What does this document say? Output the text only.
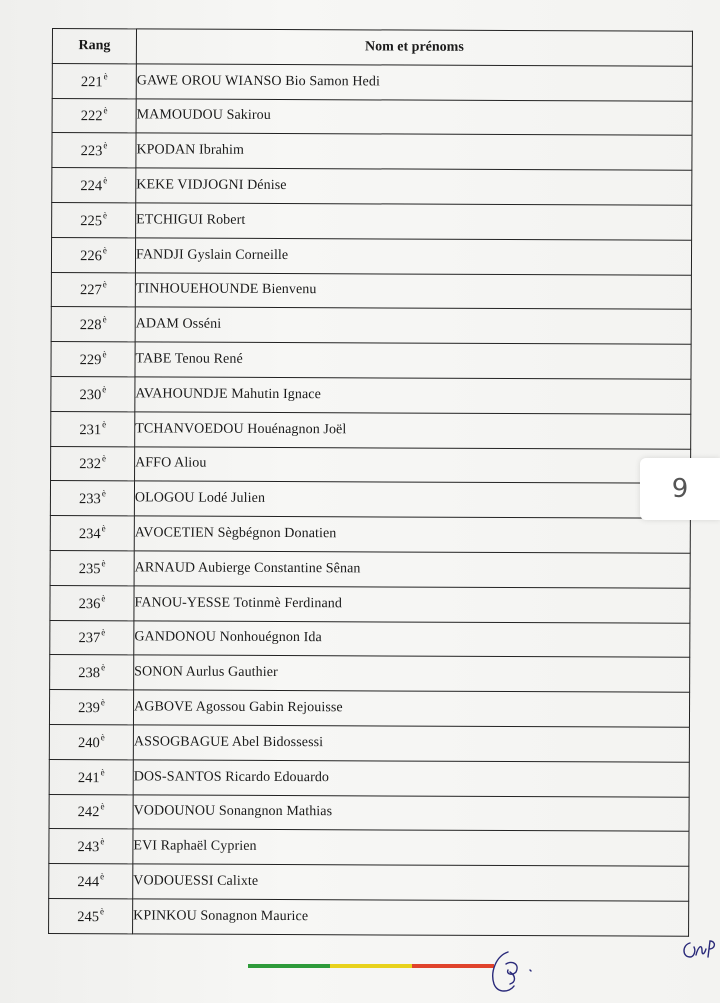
Rang	Nom et prénoms
$221^è$	GAWE OROU WIANSO Bio Samon Hedi
$222^è$	MAMOUDOU Sakirou
$223^è$	KPODAN Ibrahim
$224^è$	KEKE VIDJOGNI Dénise
$225^è$	ETCHIGUI Robert
$226^è$	FANDJI Gyslain Corneille
$227^è$	TINHOUEHOUNDE Bienvenu
$228^è$	ADAM Osséni
$229^è$	TABE Tenou René
$230^è$	AVAHOUNDJE Mahutin Ignace
$231^è$	TCHANVOEDOU Houénagnon Joël
$232^è$	AFFO Aliou
$233^è$	OLOGOU Lodé Julien
$234^è$	AVOCETIEN Sègbégnon Donatien
$235^è$	ARNAUD Aubierge Constantine Sênan
$236^è$	FANOU-YESSE Totinmè Ferdinand
$237^è$	GANDONOU Nonhouégnon Ida
$238^è$	SONON Aurlus Gauthier
$239^è$	AGBOVE Agossou Gabin Rejouisse
$240^è$	ASSOGBAGUE Abel Bidossessi
$241^è$	DOS-SANTOS Ricardo Edouardo
$242^è$	VODOUNOU Sonangnon Mathias
$243^è$	EVI Raphaël Cyprien
$244^è$	VODOUESSI Calixte
$245^è$	KPINKOU Sonagnon Maurice
9
